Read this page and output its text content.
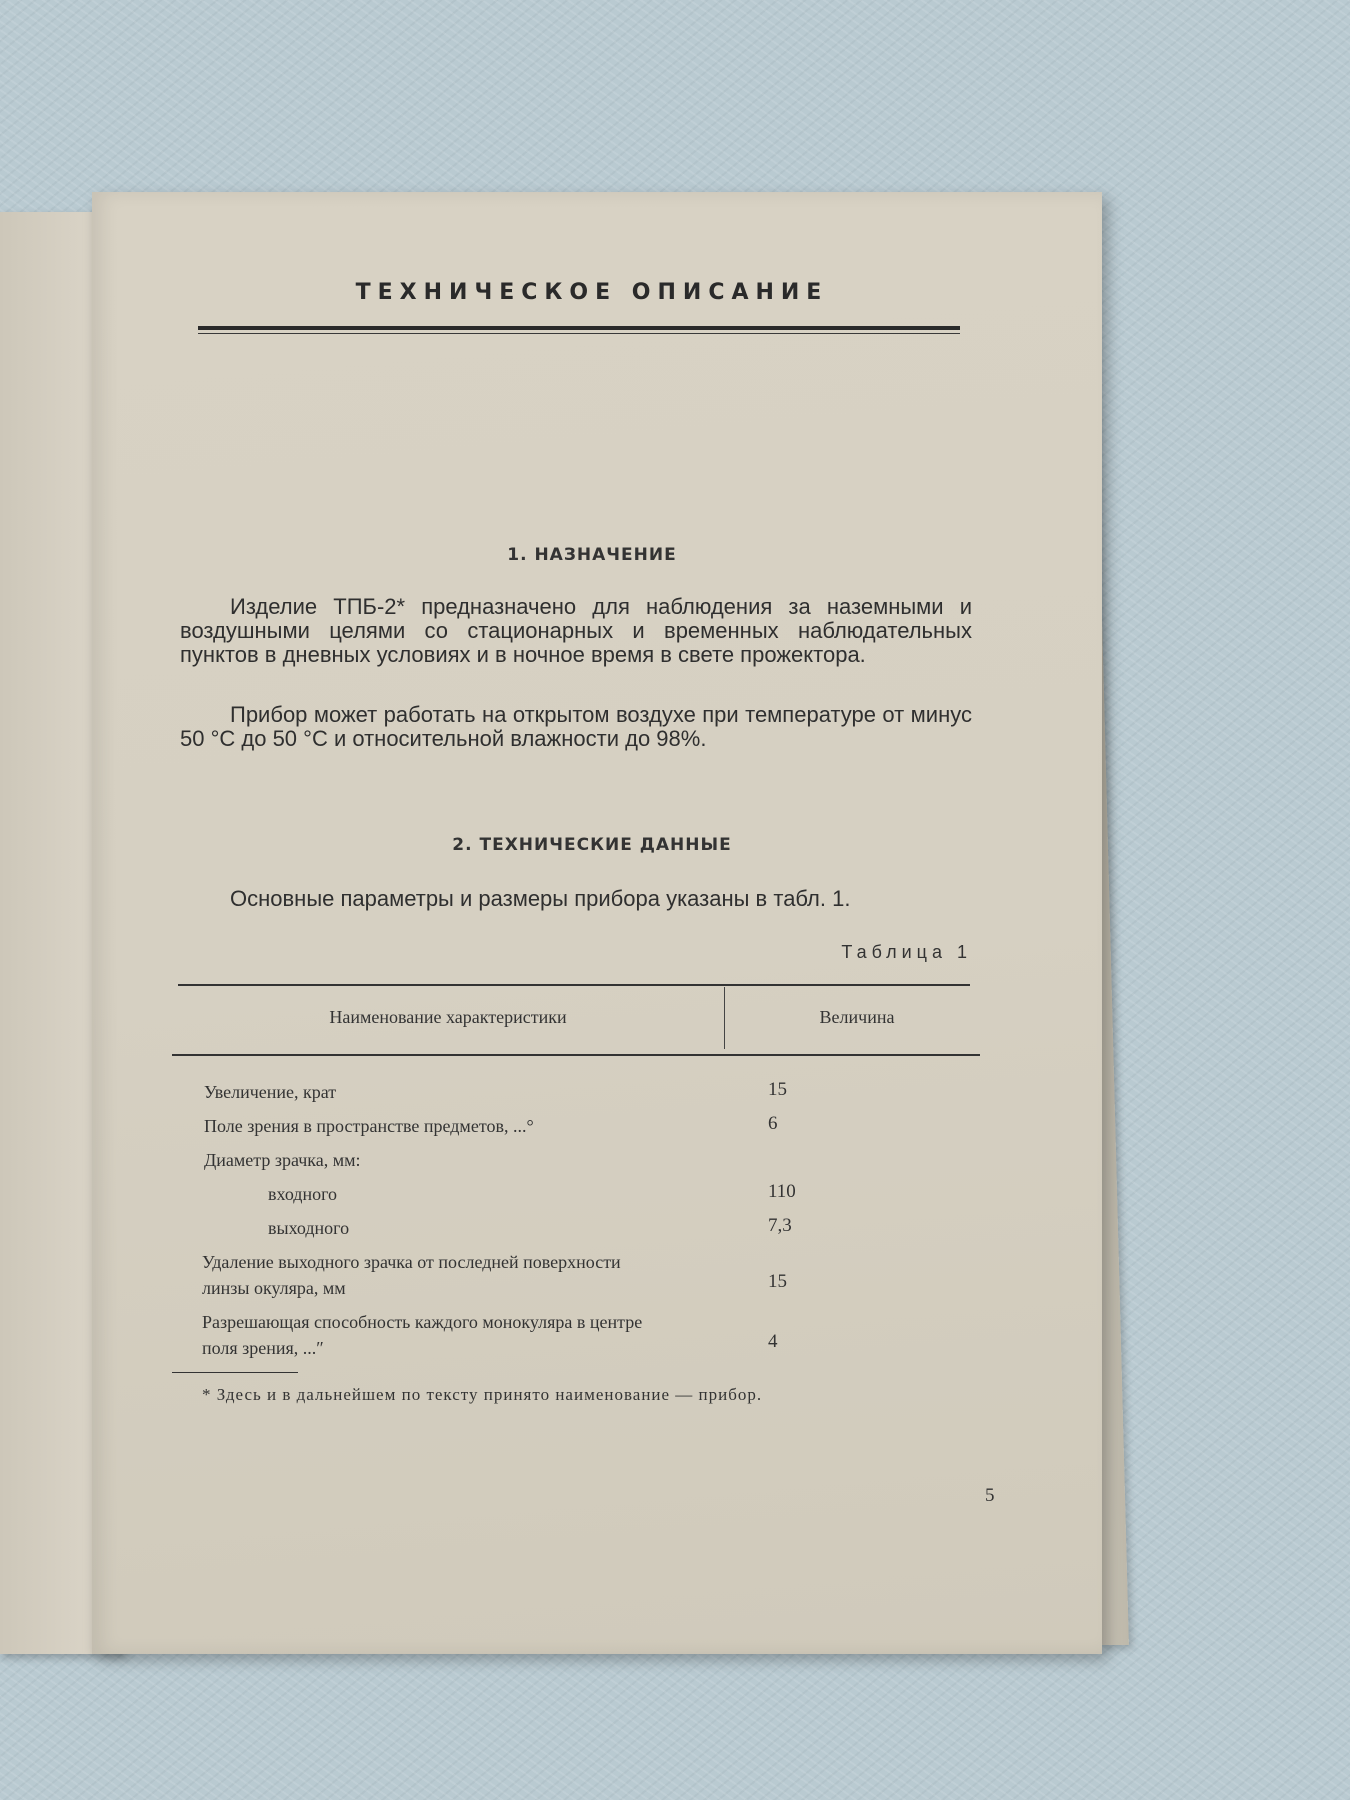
ТЕХНИЧЕСКОЕ ОПИСАНИЕ
1. НАЗНАЧЕНИЕ
Изделие ТПБ-2* предназначено для наблюдения за наземными и воздушными целями со стационарных и временных наблюдательных пунктов в дневных условиях и в ночное время в свете прожектора.
Прибор может работать на открытом воздухе при температуре от минус 50 °С до 50 °С и относительной влажности до 98%.
2. ТЕХНИЧЕСКИЕ ДАННЫЕ
Основные параметры и размеры прибора указаны в табл. 1.
Таблица 1
Наименование характеристики	Величина
Увеличение, крат	15
Поле зрения в пространстве предметов, ...°	6
Диаметр зрачка, мм:
входного	110
выходного	7,3
Удаление выходного зрачка от последней поверхности линзы окуляра, мм	15
Разрешающая способность каждого монокуляра в центре поля зрения, ...″	4
* Здесь и в дальнейшем по тексту принято наименование — прибор.
5
